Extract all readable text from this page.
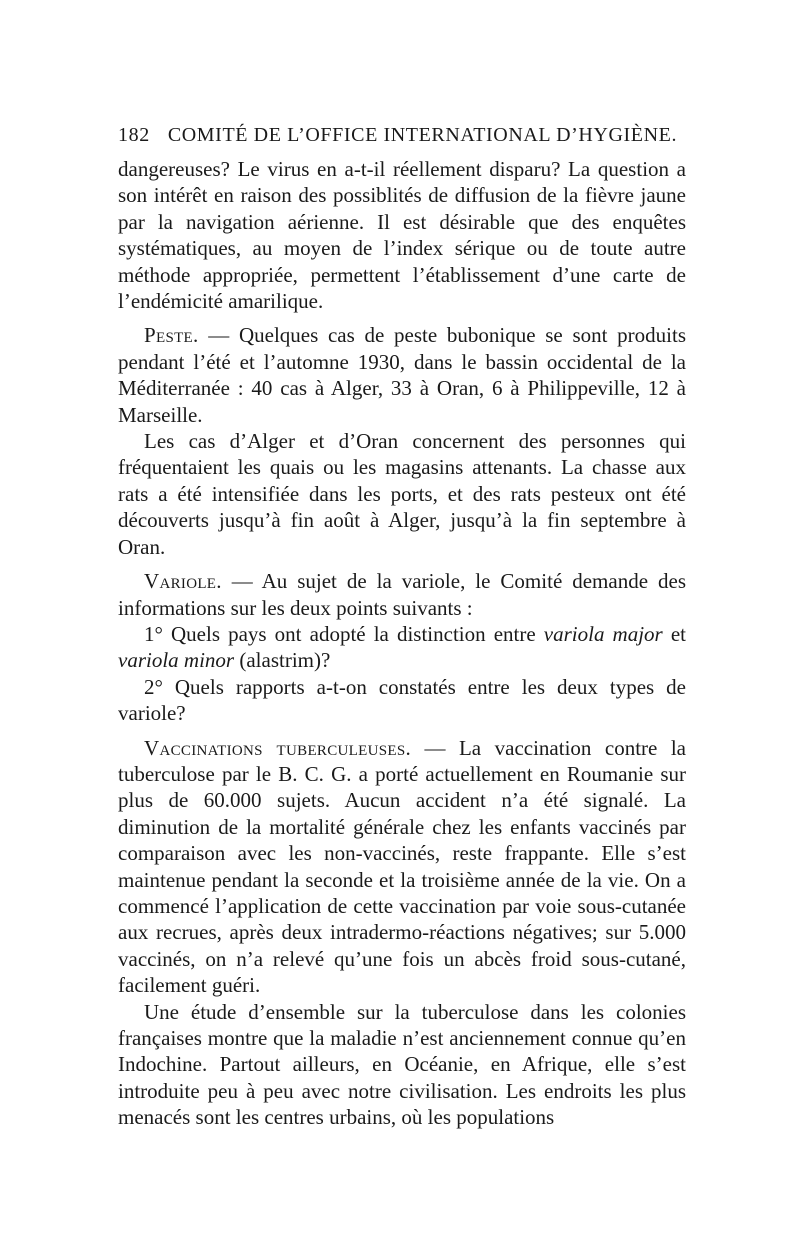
182 COMITÉ DE L’OFFICE INTERNATIONAL D’HYGIÈNE.

dangereuses? Le virus en a-t-il réellement disparu? La question a son intérêt en raison des possiblités de diffusion de la fièvre jaune par la navigation aérienne. Il est désirable que des enquêtes systématiques, au moyen de l’index sérique ou de toute autre méthode appropriée, permettent l’établissement d’une carte de l’endémicité amarilique.

Peste. — Quelques cas de peste bubonique se sont produits pendant l’été et l’automne 1930, dans le bassin occidental de la Méditerranée : 40 cas à Alger, 33 à Oran, 6 à Philippeville, 12 à Marseille.

Les cas d’Alger et d’Oran concernent des personnes qui fréquentaient les quais ou les magasins attenants. La chasse aux rats a été intensifiée dans les ports, et des rats pesteux ont été découverts jusqu’à fin août à Alger, jusqu’à la fin septembre à Oran.

Variole. — Au sujet de la variole, le Comité demande des informations sur les deux points suivants :

1° Quels pays ont adopté la distinction entre variola major et variola minor (alastrim)?

2° Quels rapports a-t-on constatés entre les deux types de variole?

Vaccinations tuberculeuses. — La vaccination contre la tuberculose par le B. C. G. a porté actuellement en Roumanie sur plus de 60.000 sujets. Aucun accident n’a été signalé. La diminution de la mortalité générale chez les enfants vaccinés par comparaison avec les non-vaccinés, reste frappante. Elle s’est maintenue pendant la seconde et la troisième année de la vie. On a commencé l’application de cette vaccination par voie sous-cutanée aux recrues, après deux intradermo-réactions négatives; sur 5.000 vaccinés, on n’a relevé qu’une fois un abcès froid sous-cutané, facilement guéri.

Une étude d’ensemble sur la tuberculose dans les colonies françaises montre que la maladie n’est anciennement connue qu’en Indochine. Partout ailleurs, en Océanie, en Afrique, elle s’est introduite peu à peu avec notre civilisation. Les endroits les plus menacés sont les centres urbains, où les populations
